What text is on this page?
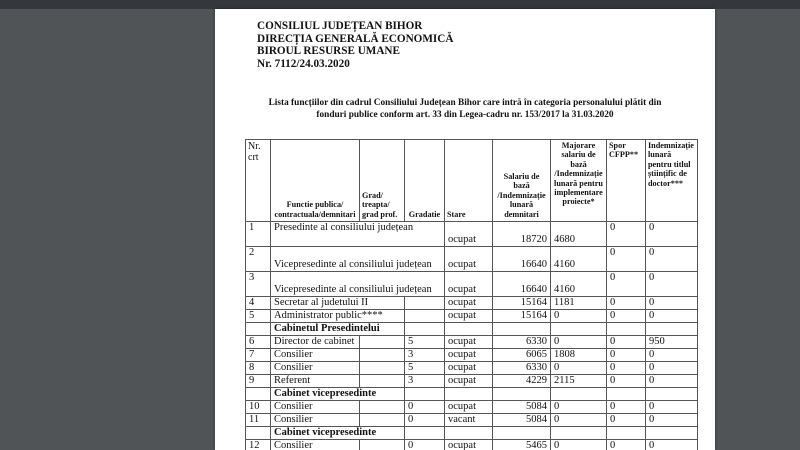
CONSILIUL JUDEȚEAN BIHOR
DIRECȚIA GENERALĂ ECONOMICĂ
BIROUL RESURSE UMANE
Nr. 7112/24.03.2020
Lista funcțiilor din cadrul Consiliului Județean Bihor care intră în categoria personalului plătit din
fonduri publice conform art. 33 din Legea-cadru nr. 153/2017 la 31.03.2020
Nr. crt	Functie publica/ contractuala/demnitari	Grad/ treapta/ grad prof.	Gradatie	Stare	Salariu de bază /Indemnizație lunară demnitari	Majorare salariu de bază /Indemnizație lunară pentru implementare proiecte*	Spor CFPP**	Indemnizație lunară pentru titlul științific de doctor***
1	Presedinte al consiliului județean			ocupat	18720	4680	0	0
2	Vicepresedinte al consiliului județean			ocupat	16640	4160	0	0
3	Vicepresedinte al consiliului județean			ocupat	16640	4160	0	0
4	Secretar al judetului II			ocupat	15164	1181	0	0
5	Administrator public****			ocupat	15164	0	0	0
	Cabinetul Presedintelui							
6	Director de cabinet		5	ocupat	6330	0	0	950
7	Consilier		3	ocupat	6065	1808	0	0
8	Consilier		5	ocupat	6330	0	0	0
9	Referent		3	ocupat	4229	2115	0	0
	Cabinet vicepresedinte							
10	Consilier		0	ocupat	5084	0	0	0
11	Consilier		0	vacant	5084	0	0	0
	Cabinet vicepresedinte							
12	Consilier		0	ocupat	5465	0	0	0
